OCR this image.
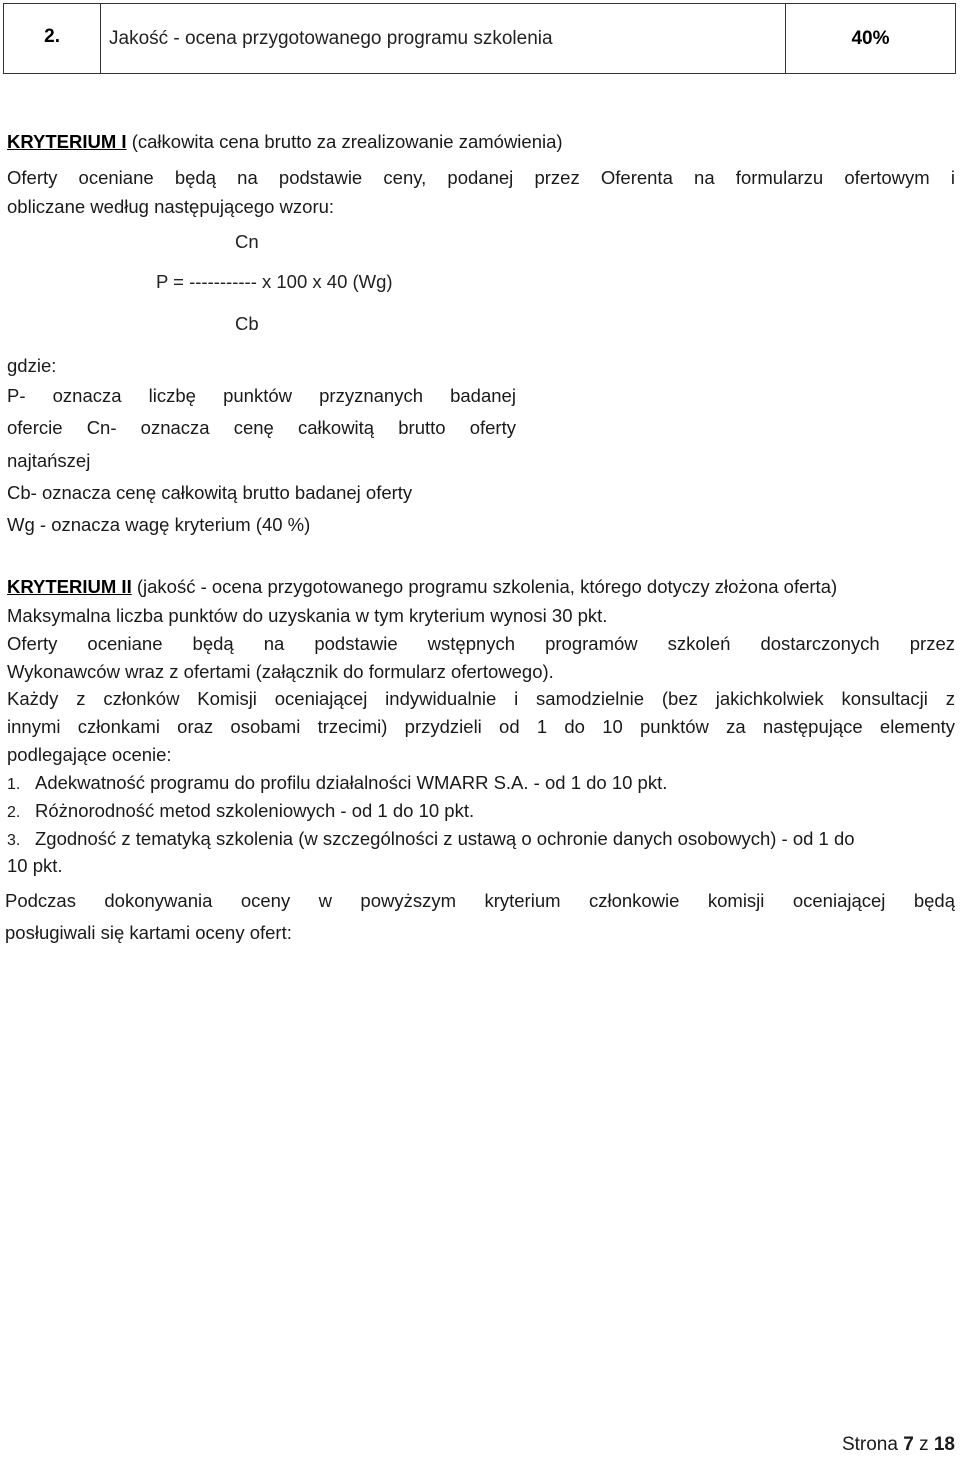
2.	Jakość - ocena przygotowanego programu szkolenia	40%

KRYTERIUM I (całkowita cena brutto za zrealizowanie zamówienia)

Oferty oceniane będą na podstawie ceny, podanej przez Oferenta na formularzu ofertowym i

obliczane według następującego wzoru:

Cn
P = ----------- x 100 x 40 (Wg)
Cb
gdzie:
P- oznacza liczbę punktów przyznanych badanej
ofercie Cn- oznacza cenę całkowitą brutto oferty
najtańszej
Cb- oznacza cenę całkowitą brutto badanej oferty
Wg - oznacza wagę kryterium (40 %)

KRYTERIUM II (jakość - ocena przygotowanego programu szkolenia, którego dotyczy złożona oferta)

Maksymalna liczba punktów do uzyskania w tym kryterium wynosi 30 pkt.

Oferty oceniane będą na podstawie wstępnych programów szkoleń dostarczonych przez

Wykonawców wraz z ofertami (załącznik do formularz ofertowego).

Każdy z członków Komisji oceniającej indywidualnie i samodzielnie (bez jakichkolwiek konsultacji z

innymi członkami oraz osobami trzecimi) przydzieli od 1 do 10 punktów za następujące elementy

podlegające ocenie:

1. Adekwatność programu do profilu działalności WMARR S.A. - od 1 do 10 pkt.

2. Różnorodność metod szkoleniowych - od 1 do 10 pkt.

3. Zgodność z tematyką szkolenia (w szczególności z ustawą o ochronie danych osobowych) - od 1 do

10 pkt.

Podczas dokonywania oceny w powyższym kryterium członkowie komisji oceniającej będą

posługiwali się kartami oceny ofert:

Strona 7 z 18
